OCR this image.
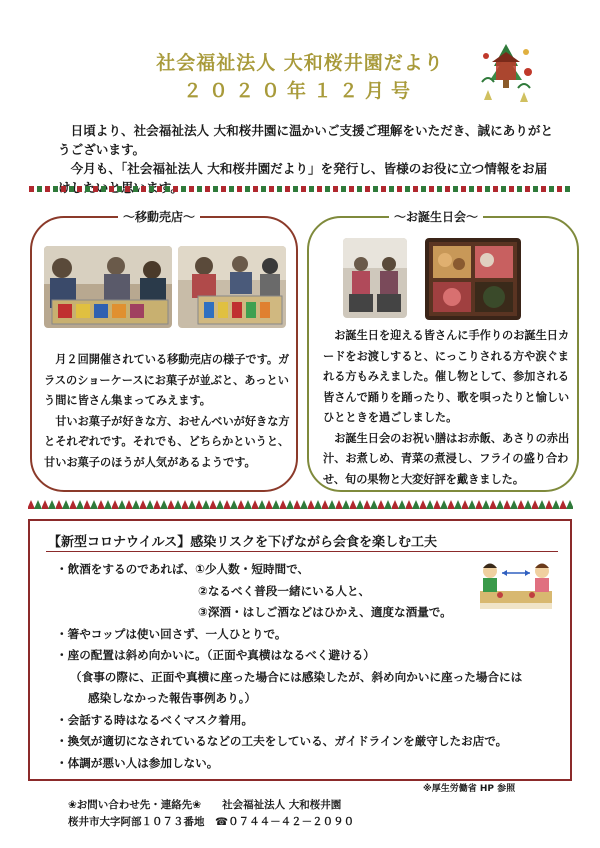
社会福祉法人 大和桜井園だより
２０２０年１２月号

日頃より、社会福祉法人 大和桜井園に温かいご支援ご理解をいただき、誠にありがとうございます。

今月も、「社会福祉法人 大和桜井園だより」を発行し、皆様のお役に立つ情報をお届

～移動売店～

月２回開催されている移動売店の様子です。ガラスのショーケースにお菓子が並ぶと、あっという間に皆さん集まってみえます。

甘いお菓子が好きな方、おせんべいが好きな方とそれぞれです。それでも、どちらかというと、甘いお菓子のほうが人気があるようです。

～お誕生日会～

お誕生日を迎える皆さんに手作りのお誕生日カードをお渡しすると、にっこりされる方や涙ぐまれる方もみえました。催し物として、参加される皆さんで踊りを踊ったり、歌を唄ったりと愉しいひとときを過ごしました。

お誕生日会のお祝い膳はお赤飯、あさりの赤出汁、お煮しめ、青菜の煮浸し、フライの盛り合わせ、旬の果物と大変好評を戴きました。

【新型コロナウイルス】感染リスクを下げながら会食を楽しむ工夫
・飲酒をするのであれば、①少人数・短時間で、
②なるべく普段一緒にいる人と、
③深酒・はしご酒などはひかえ、適度な酒量で。
・箸やコップは使い回さず、一人ひとりで。
・座の配置は斜め向かいに。（正面や真横はなるべく避ける）
（食事の際に、正面や真横に座った場合には感染したが、斜め向かいに座った場合には
感染しなかった報告事例あり。）
・会話する時はなるべくマスク着用。
・換気が適切になされているなどの工夫をしている、ガイドラインを厳守したお店で。
・体調が悪い人は参加しない。
※厚生労働省 HP 参照
❀お問い合わせ先・連絡先❀　　 社会福祉法人 大和桜井園
桜井市大字阿部１０７３番地　 ☎０７４４－４２－２０９０
